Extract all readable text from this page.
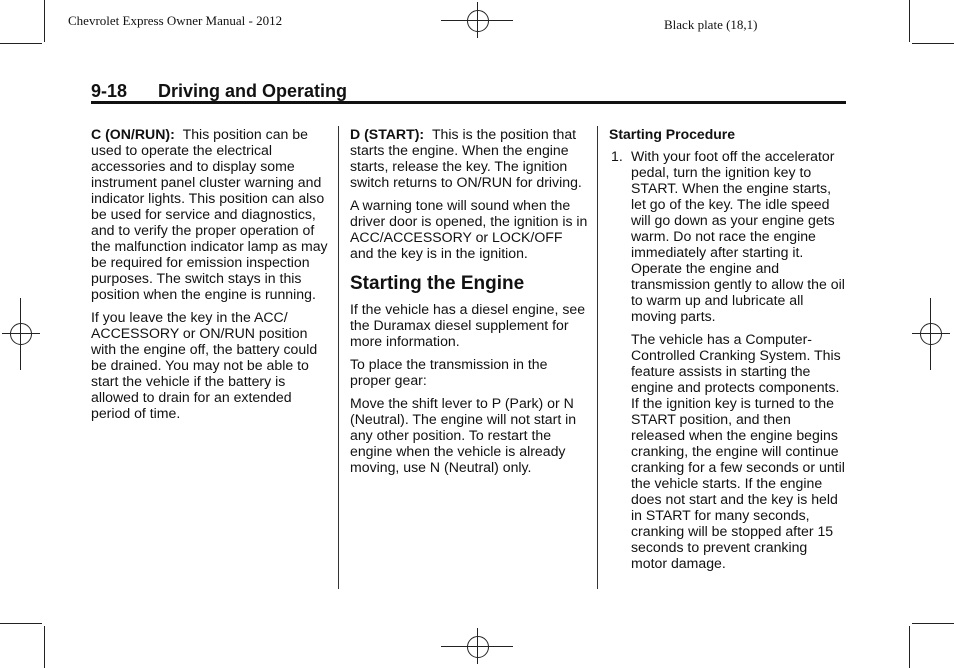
Chevrolet Express Owner Manual - 2012	Black plate (18,1)
9-18 Driving and Operating

C (ON/RUN): This position can be used to operate the electrical accessories and to display some instrument panel cluster warning and indicator lights. This position can also be used for service and diagnostics, and to verify the proper operation of the malfunction indicator lamp as may be required for emission inspection purposes. The switch stays in this position when the engine is running.

If you leave the key in the ACC/ ACCESSORY or ON/RUN position with the engine off, the battery could be drained. You may not be able to start the vehicle if the battery is allowed to drain for an extended period of time.

D (START): This is the position that starts the engine. When the engine starts, release the key. The ignition switch returns to ON/RUN for driving.

A warning tone will sound when the driver door is opened, the ignition is in ACC/ACCESSORY or LOCK/OFF and the key is in the ignition.

Starting the Engine

If the vehicle has a diesel engine, see the Duramax diesel supplement for more information.

To place the transmission in the proper gear:

Move the shift lever to P (Park) or N (Neutral). The engine will not start in any other position. To restart the engine when the vehicle is already moving, use N (Neutral) only.

Starting Procedure
1. With your foot off the accelerator pedal, turn the ignition key to START. When the engine starts, let go of the key. The idle speed will go down as your engine gets warm. Do not race the engine immediately after starting it. Operate the engine and transmission gently to allow the oil to warm up and lubricate all moving parts.

The vehicle has a Computer-Controlled Cranking System. This feature assists in starting the engine and protects components. If the ignition key is turned to the START position, and then released when the engine begins cranking, the engine will continue cranking for a few seconds or until the vehicle starts. If the engine does not start and the key is held in START for many seconds, cranking will be stopped after 15 seconds to prevent cranking motor damage.
